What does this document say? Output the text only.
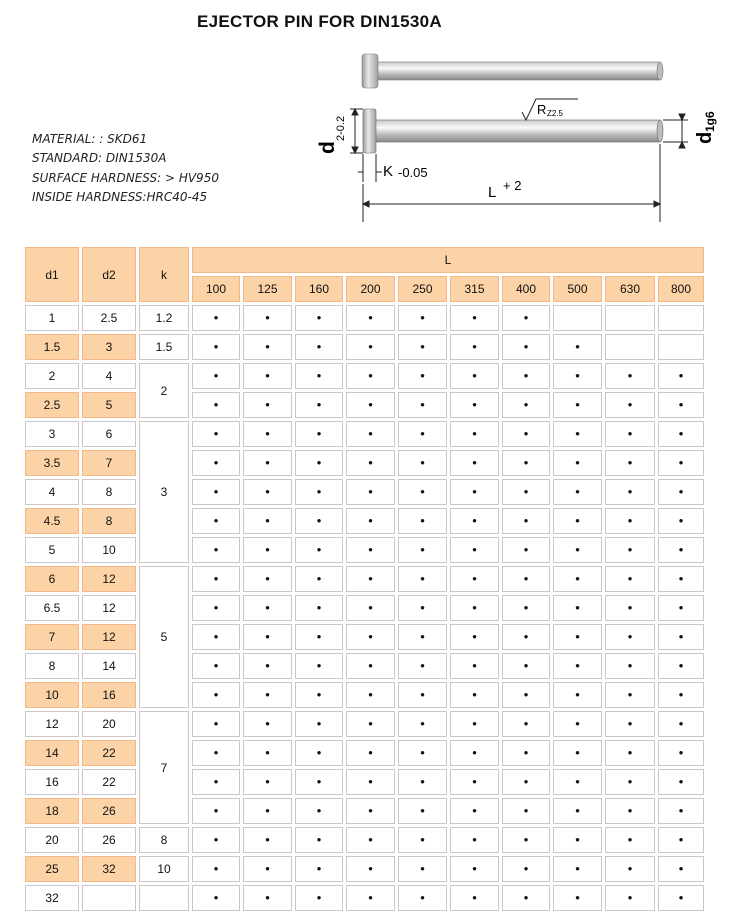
EJECTOR PIN FOR DIN1530A
MATERIAL: : SKD61
STANDARD: DIN1530A
SURFACE HARDNESS: > HV950
INSIDE HARDNESS:HRC40-45
d
2-0.2	d
1g6
R Z2.5
K -0.05
L + 2
d1	d2	k	L									
			100	125	160	200	250	315	400	500	630	800
1	2.5	1.2	•	•	•	•	•	•	•			
1.5	3	1.5	•	•	•	•	•	•	•	•		
2	4	2	•	•	•	•	•	•	•	•	•	•
2.5	5		•	•	•	•	•	•	•	•	•	•
3	6	3	•	•	•	•	•	•	•	•	•	•
3.5	7		•	•	•	•	•	•	•	•	•	•
4	8		•	•	•	•	•	•	•	•	•	•
4.5	8		•	•	•	•	•	•	•	•	•	•
5	10		•	•	•	•	•	•	•	•	•	•
6	12	5	•	•	•	•	•	•	•	•	•	•
6.5	12		•	•	•	•	•	•	•	•	•	•
7	12		•	•	•	•	•	•	•	•	•	•
8	14		•	•	•	•	•	•	•	•	•	•
10	16		•	•	•	•	•	•	•	•	•	•
12	20	7	•	•	•	•	•	•	•	•	•	•
14	22		•	•	•	•	•	•	•	•	•	•
16	22		•	•	•	•	•	•	•	•	•	•
18	26		•	•	•	•	•	•	•	•	•	•
20	26	8	•	•	•	•	•	•	•	•	•	•
25	32	10	•	•	•	•	•	•	•	•	•	•
32			•	•	•	•	•	•	•	•	•	•
